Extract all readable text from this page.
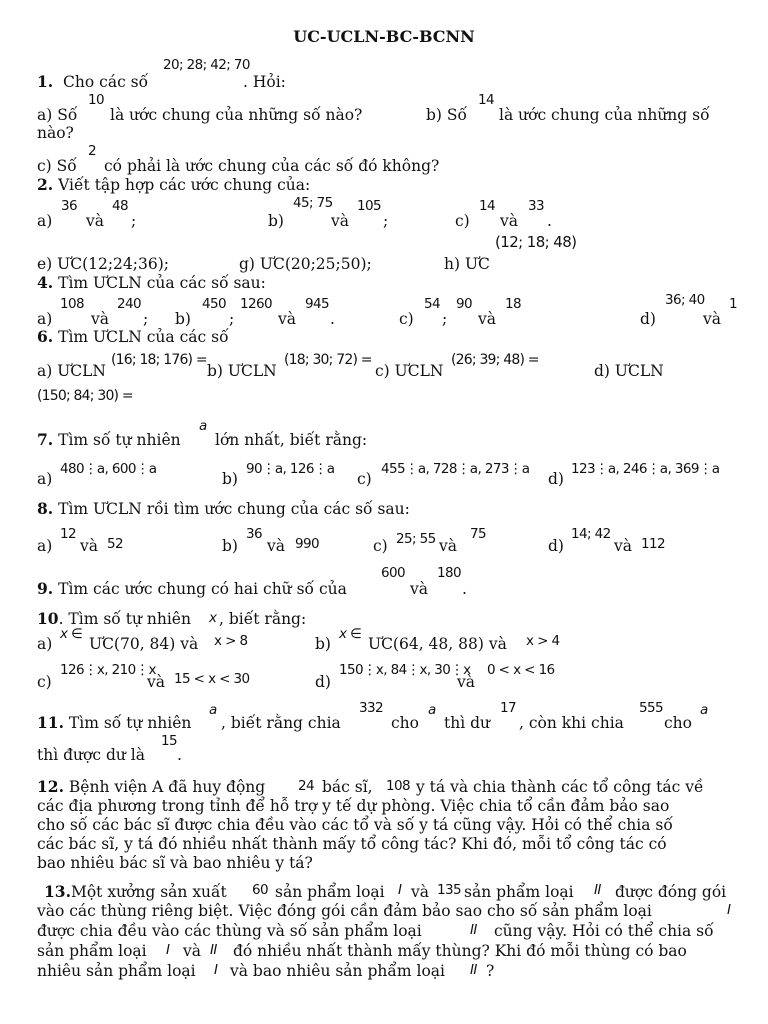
UC-UCLN-BC-BCNN
20; 28; 42; 70
1. Cho các số	. Hỏi:
10
a) Số là ước chung của những số nào?
14
b) Số là ước chung của những số
nào?
2
c) Số có phải là ước chung của các số đó không?
2. Viết tập hợp các ước chung của:
36	48
a) và ;
45; 75 105
b)	và ;
14 33
c) và .
(12; 18; 48)
e) ƯC(12;24;36);	g) ƯC(20;25;50);	h) ƯC
4. Tìm ƯCLN của các số sau:
108 240
a) và ; b)
450
;
1260
và
945
.	c)
54
;
90
và
18
d)
36; 40
và
1
6. Tìm ƯCLN của các số
a) ƯCLN
(16; 18; 176) =
b) ƯCLN
(18; 30; 72) =
c) ƯCLN
(26; 39; 48) =
d) ƯCLN
(150; 84; 30) =
7. Tìm số tự nhiên
a
lớn nhất, biết rằng:
a)
480⋮a, 600⋮a
b)
90⋮a, 126⋮a
c)
455⋮a, 728⋮a, 273⋮a
d)
123⋮a, 246⋮a, 369⋮a
8. Tìm ƯCLN rồi tìm ước chung của các số sau:
a)
12
và 52	b)
36
và 990	c) 25; 55 và
75
d)
14; 42
và 112
9. Tìm các ước chung có hai chữ số của
600
và
180
.
10. Tìm số tự nhiên x , biết rằng:
a)
x ∈
ƯC(70, 84) và x > 8	b)
x ∈
ƯC(64, 48, 88) và x > 4
c)
126⋮x, 210⋮x
và 15 < x < 30	d)
150⋮x, 84⋮x, 30⋮x
và
0 < x < 16
11. Tìm số tự nhiên
a
, biết rằng chia
332
cho
a
thì dư
17
, còn khi chia
555
cho
a
thì được dư là
15
.
12. Bệnh viện A đã huy động 24 bác sĩ, 108 y tá và chia thành các tổ công tác về
các địa phương trong tỉnh để hỗ trợ y tế dự phòng. Việc chia tổ cần đảm bảo sao
cho số các bác sĩ được chia đều vào các tổ và số y tá cũng vậy. Hỏi có thể chia số
các bác sĩ, y tá đó nhiều nhất thành mấy tổ công tác? Khi đó, mỗi tổ công tác có
bao nhiêu bác sĩ và bao nhiêu y tá?
13.Một xưởng sản xuất 60 sản phẩm loại I và 135 sản phẩm loại II được đóng gói
vào các thùng riêng biệt. Việc đóng gói cần đảm bảo sao cho số sản phẩm loại	I
được chia đều vào các thùng và số sản phẩm loại	II cũng vậy. Hỏi có thể chia số
sản phẩm loại I và II đó nhiều nhất thành mấy thùng? Khi đó mỗi thùng có bao
nhiêu sản phẩm loại I và bao nhiêu sản phẩm loại II ?
